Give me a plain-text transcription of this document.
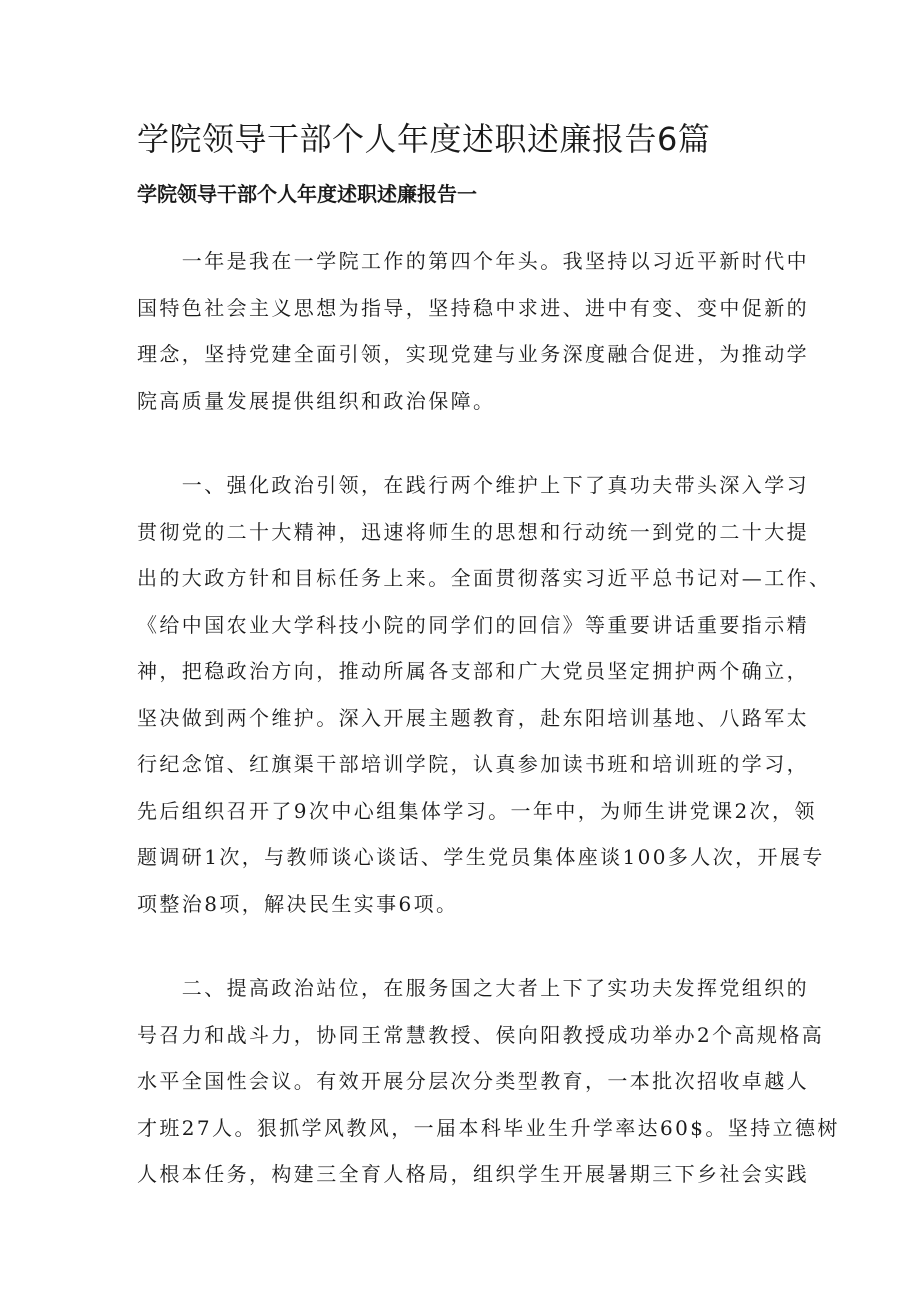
学院领导干部个人年度述职述廉报告6篇
学院领导干部个人年度述职述廉报告一

　　一年是我在一学院工作的第四个年头。我坚持以习近平新时代中
国特色社会主义思想为指导，坚持稳中求进、进中有变、变中促新的
理念，坚持党建全面引领，实现党建与业务深度融合促进，为推动学
院高质量发展提供组织和政治保障。

　　一、强化政治引领，在践行两个维护上下了真功夫带头深入学习
贯彻党的二十大精神，迅速将师生的思想和行动统一到党的二十大提
出的大政方针和目标任务上来。全面贯彻落实习近平总书记对—工作、
《给中国农业大学科技小院的同学们的回信》等重要讲话重要指示精
神，把稳政治方向，推动所属各支部和广大党员坚定拥护两个确立，
坚决做到两个维护。深入开展主题教育，赴东阳培训基地、八路军太
行纪念馆、红旗渠干部培训学院，认真参加读书班和培训班的学习，
先后组织召开了9次中心组集体学习。一年中，为师生讲党课2次，领
题调研1次，与教师谈心谈话、学生党员集体座谈100多人次，开展专
项整治8项，解决民生实事6项。

　　二、提高政治站位，在服务国之大者上下了实功夫发挥党组织的
号召力和战斗力，协同王常慧教授、侯向阳教授成功举办2个高规格高
水平全国性会议。有效开展分层次分类型教育，一本批次招收卓越人
才班27人。狠抓学风教风，一届本科毕业生升学率达60$。坚持立德树
人根本任务，构建三全育人格局，组织学生开展暑期三下乡社会实践
